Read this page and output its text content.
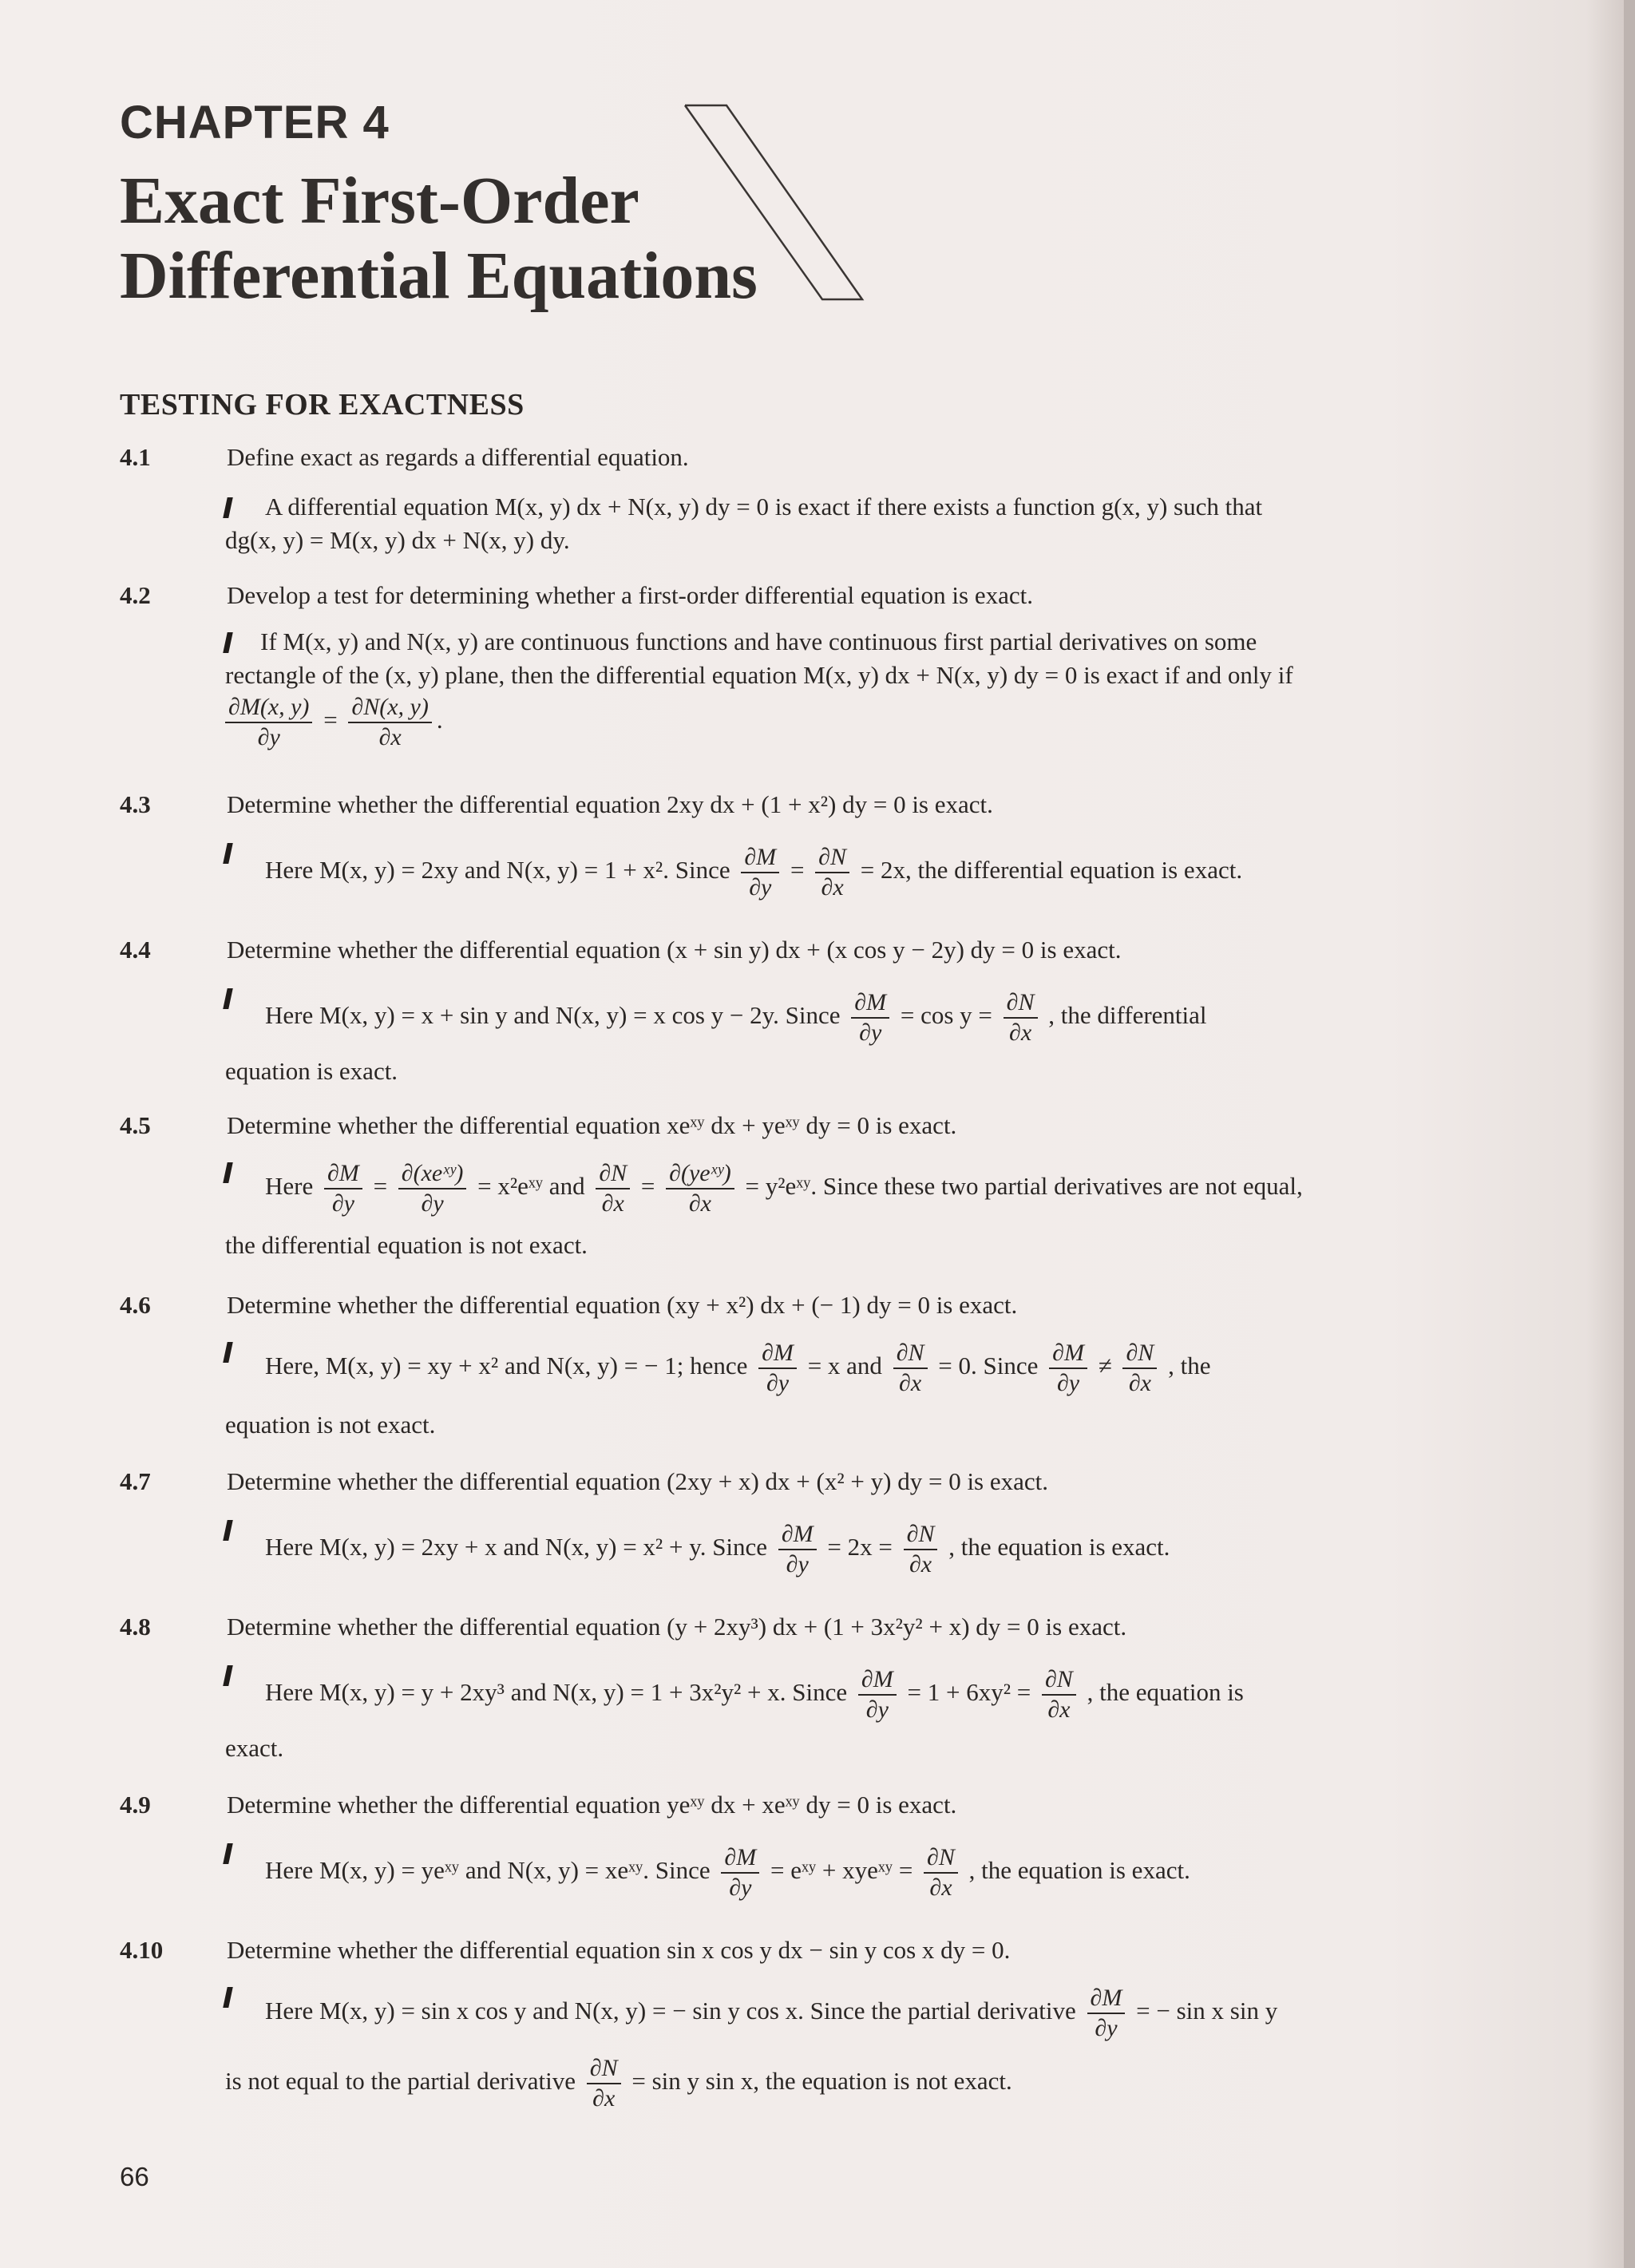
CHAPTER 4
Exact First-Order
Differential Equations
TESTING FOR EXACTNESS
4.1	Define exact as regards a differential equation.
A differential equation M(x, y) dx + N(x, y) dy = 0 is exact if there exists a function g(x, y) such that
dg(x, y) = M(x, y) dx + N(x, y) dy.
4.2	Develop a test for determining whether a first-order differential equation is exact.
If M(x, y) and N(x, y) are continuous functions and have continuous first partial derivatives on some
rectangle of the (x, y) plane, then the differential equation M(x, y) dx + N(x, y) dy = 0 is exact if and only if
$\frac{\partial M(x, y)}{\partial y} = \frac{\partial N(x, y)}{\partial x}$ .
4.3	Determine whether the differential equation 2xy dx + (1 + x²) dy = 0 is exact.
Here M(x, y) = 2xy and N(x, y) = 1 + x². Since $\frac{\partial M}{\partial y} = \frac{\partial N}{\partial x} = 2x$, the differential equation is exact.
4.4	Determine whether the differential equation (x + sin y) dx + (x cos y − 2y) dy = 0 is exact.
Here M(x, y) = x + sin y and N(x, y) = x cos y − 2y. Since $\frac{\partial M}{\partial y} = \cos y = \frac{\partial N}{\partial x}$ , the differential
equation is exact.
4.5	Determine whether the differential equation xeˣʸ dx + yeˣʸ dy = 0 is exact.
Here $\frac{\partial M}{\partial y} = \frac{\text{∂(xeˣʸ)}}{\partial y}$ = x²eˣʸ and $\frac{\partial N}{\partial x} = \frac{\text{∂(yeˣʸ)}}{\partial x}$ = y²eˣʸ. Since these two partial derivatives are not equal,
the differential equation is not exact.
4.6	Determine whether the differential equation (xy + x²) dx + (− 1) dy = 0 is exact.
Here, M(x, y) = xy + x² and N(x, y) = − 1; hence $\frac{\partial M}{\partial y} = x$ and $\frac{\partial N}{\partial x} = 0$. Since $\frac{\partial M}{\partial y} \ne \frac{\partial N}{\partial x}$ , the
equation is not exact.
4.7	Determine whether the differential equation (2xy + x) dx + (x² + y) dy = 0 is exact.
Here M(x, y) = 2xy + x and N(x, y) = x² + y. Since $\frac{\partial M}{\partial y} = 2x = \frac{\partial N}{\partial x}$ , the equation is exact.
4.8	Determine whether the differential equation (y + 2xy³) dx + (1 + 3x²y² + x) dy = 0 is exact.
Here M(x, y) = y + 2xy³ and N(x, y) = 1 + 3x²y² + x. Since $\frac{\partial M}{\partial y} = 1 + 6xy^2 = \frac{\partial N}{\partial x}$ , the equation is
exact.
4.9	Determine whether the differential equation yeˣʸ dx + xeˣʸ dy = 0 is exact.
Here M(x, y) = yeˣʸ and N(x, y) = xeˣʸ. Since $\frac{\partial M}{\partial y}$ = eˣʸ + xyeˣʸ = $\frac{\partial N}{\partial x}$ , the equation is exact.
4.10	Determine whether the differential equation sin x cos y dx − sin y cos x dy = 0.
Here M(x, y) = sin x cos y and N(x, y) = − sin y cos x. Since the partial derivative $\frac{\partial M}{\partial y}$ = − sin x sin y
is not equal to the partial derivative $\frac{\partial N}{\partial x} = \sin y$ sin x, the equation is not exact.
66
